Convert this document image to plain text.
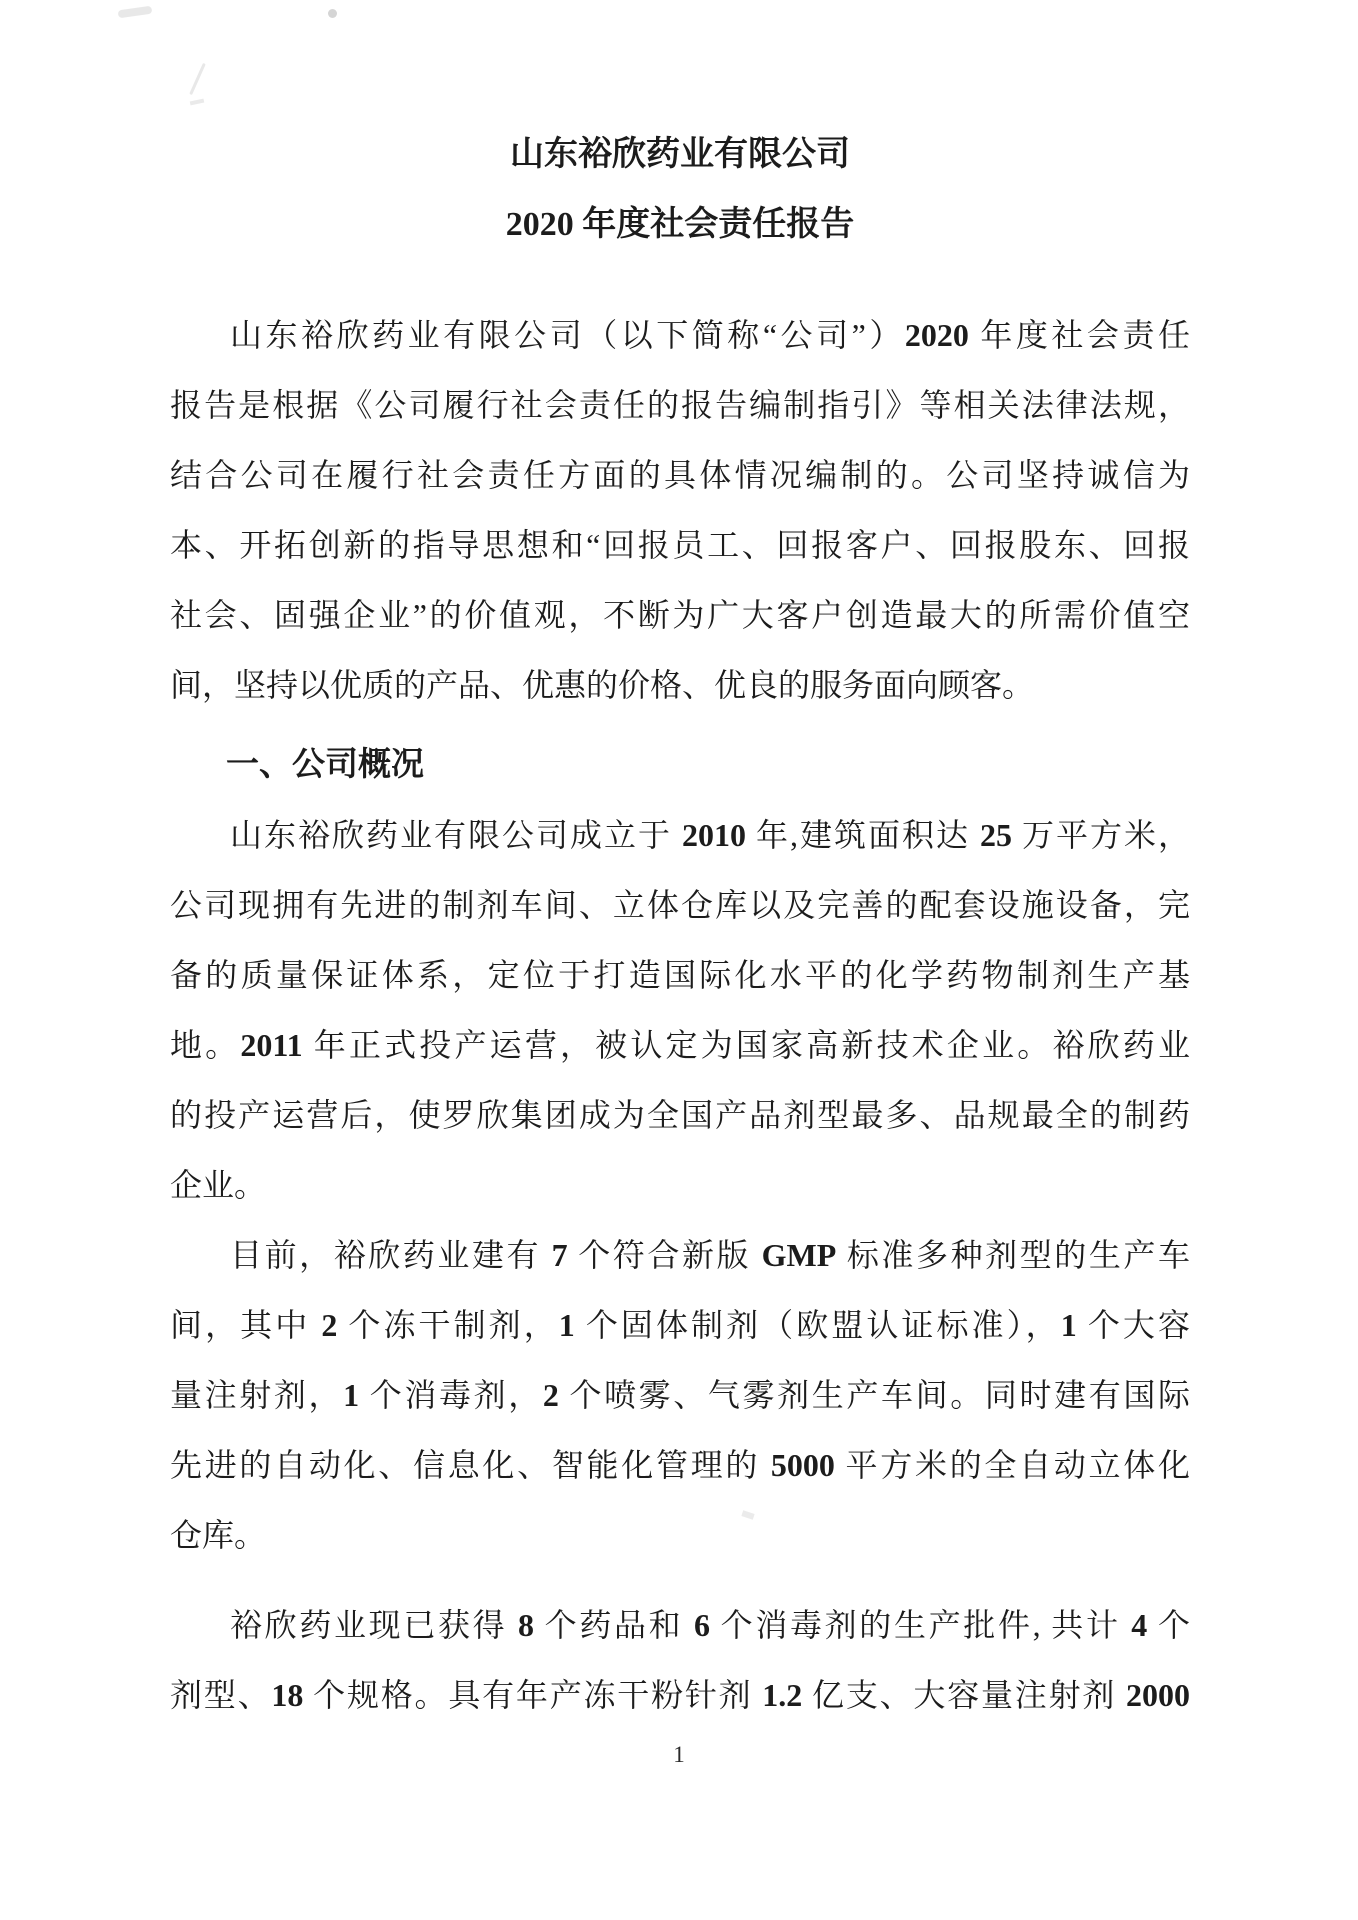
山东裕欣药业有限公司
2020 年度社会责任报告
山东裕欣药业有限公司（以下简称“公司”）2020 年度社会责任
报告是根据《公司履行社会责任的报告编制指引》等相关法律法规，
结合公司在履行社会责任方面的具体情况编制的。公司坚持诚信为
本、开拓创新的指导思想和“回报员工、回报客户、回报股东、回报
社会、固强企业”的价值观，不断为广大客户创造最大的所需价值空
间，坚持以优质的产品、优惠的价格、优良的服务面向顾客。
一、公司概况
山东裕欣药业有限公司成立于 2010 年,建筑面积达 25 万平方米，
公司现拥有先进的制剂车间、立体仓库以及完善的配套设施设备，完
备的质量保证体系，定位于打造国际化水平的化学药物制剂生产基
地。2011 年正式投产运营，被认定为国家高新技术企业。裕欣药业
的投产运营后，使罗欣集团成为全国产品剂型最多、品规最全的制药
企业。
目前，裕欣药业建有 7 个符合新版 GMP 标准多种剂型的生产车
间，其中 2 个冻干制剂，1 个固体制剂（欧盟认证标准），1 个大容
量注射剂，1 个消毒剂，2 个喷雾、气雾剂生产车间。同时建有国际
先进的自动化、信息化、智能化管理的 5000 平方米的全自动立体化
仓库。
裕欣药业现已获得 8 个药品和 6 个消毒剂的生产批件, 共计 4 个
剂型、18 个规格。具有年产冻干粉针剂 1.2 亿支、大容量注射剂 2000
1
